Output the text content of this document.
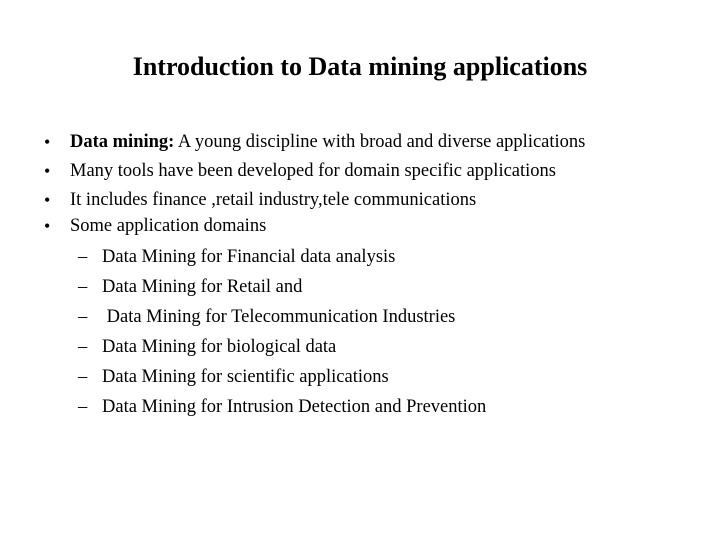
Introduction to Data mining applications
•	Data mining: A young discipline with broad and diverse applications
•	Many tools have been developed for domain specific applications
•	It includes finance ,retail industry,tele communications
•	Some application domains
– Data Mining for Financial data analysis
– Data Mining for Retail and
– Data Mining for Telecommunication Industries
– Data Mining for biological data
– Data Mining for scientific applications
– Data Mining for Intrusion Detection and Prevention
